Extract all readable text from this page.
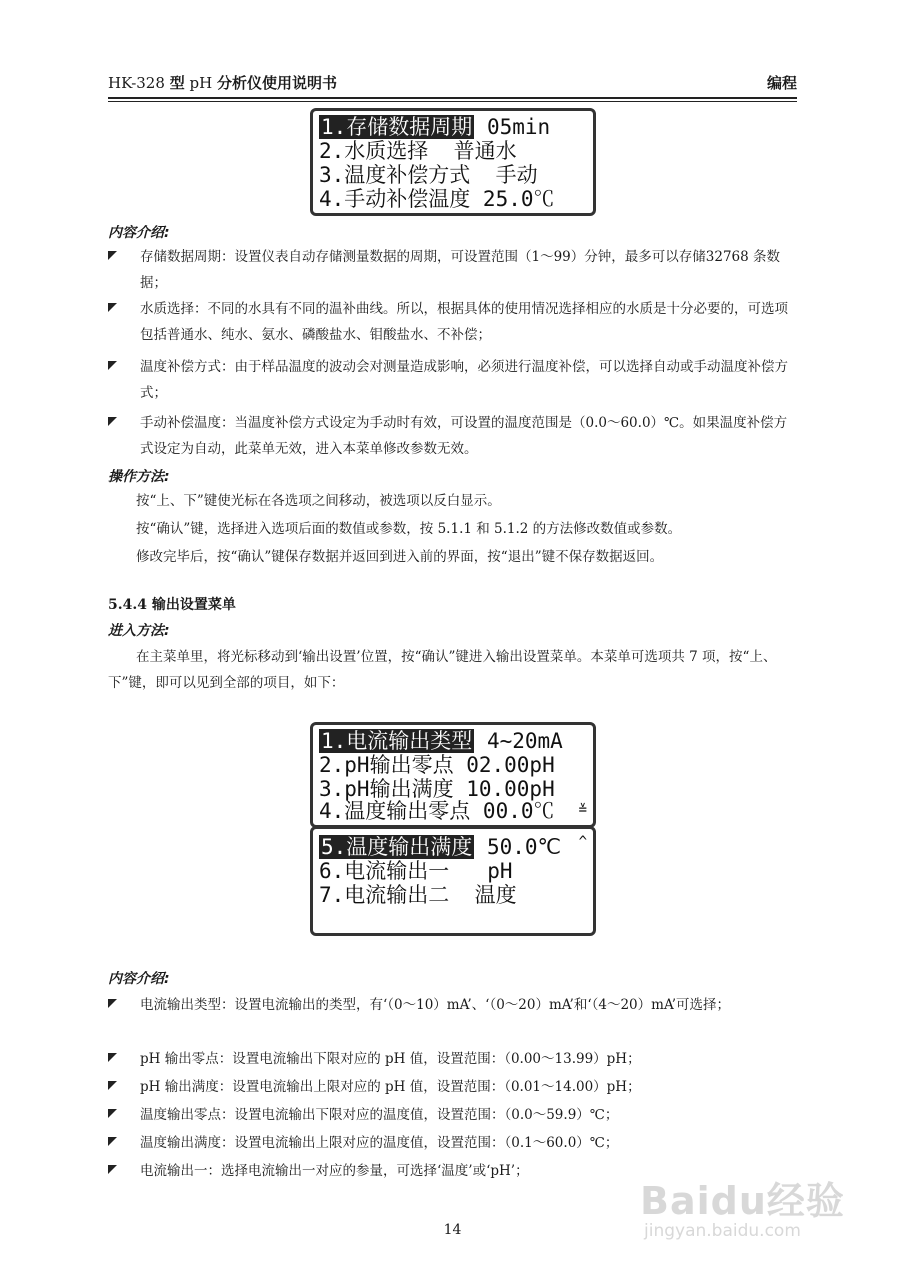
HK-328 型 pH 分析仪使用说明书	编程
1.存储数据周期 05min
2.水质选择  普通水
3.温度补偿方式  手动
4.手动补偿温度 25.0℃
内容介绍:
存储数据周期：设置仪表自动存储测量数据的周期，可设置范围（1～99）分钟，最多可以存储32768 条数据；
水质选择：不同的水具有不同的温补曲线。所以，根据具体的使用情况选择相应的水质是十分必要的，可选项包括普通水、纯水、氨水、磷酸盐水、钼酸盐水、不补偿；
温度补偿方式：由于样品温度的波动会对测量造成影响，必须进行温度补偿，可以选择自动或手动温度补偿方式；
手动补偿温度：当温度补偿方式设定为手动时有效，可设置的温度范围是（0.0～60.0）℃。如果温度补偿方式设定为自动，此菜单无效，进入本菜单修改参数无效。
操作方法:
按“上、下”键使光标在各选项之间移动，被选项以反白显示。
按“确认”键，选择进入选项后面的数值或参数，按 5.1.1 和 5.1.2 的方法修改数值或参数。
修改完毕后，按“确认”键保存数据并返回到进入前的界面，按“退出”键不保存数据返回。
5.4.4 输出设置菜单
进入方法:
在主菜单里，将光标移动到‘输出设置’位置，按“确认”键进入输出设置菜单。本菜单可选项共 7 项，按“上、下”键，即可以见到全部的项目，如下：
1.电流输出类型 4~20mA
2.pH输出零点 02.00pH
3.pH输出满度 10.00pH
4.温度输出零点 00.0℃ ≚
5.温度输出满度 50.0℃
6.电流输出一   pH
7.电流输出二  温度
^
内容介绍:
电流输出类型：设置电流输出的类型，有‘（0～10）mA’、‘（0～20）mA’和‘（4～20）mA’可选择；
pH 输出零点：设置电流输出下限对应的 pH 值，设置范围：（0.00～13.99）pH；
pH 输出满度：设置电流输出上限对应的 pH 值，设置范围：（0.01～14.00）pH；
温度输出零点：设置电流输出下限对应的温度值，设置范围：（0.0～59.9）℃；
温度输出满度：设置电流输出上限对应的温度值，设置范围：（0.1～60.0）℃；
电流输出一：选择电流输出一对应的参量，可选择‘温度’或‘pH’；
14
Baidu经验
jingyan.baidu.com
